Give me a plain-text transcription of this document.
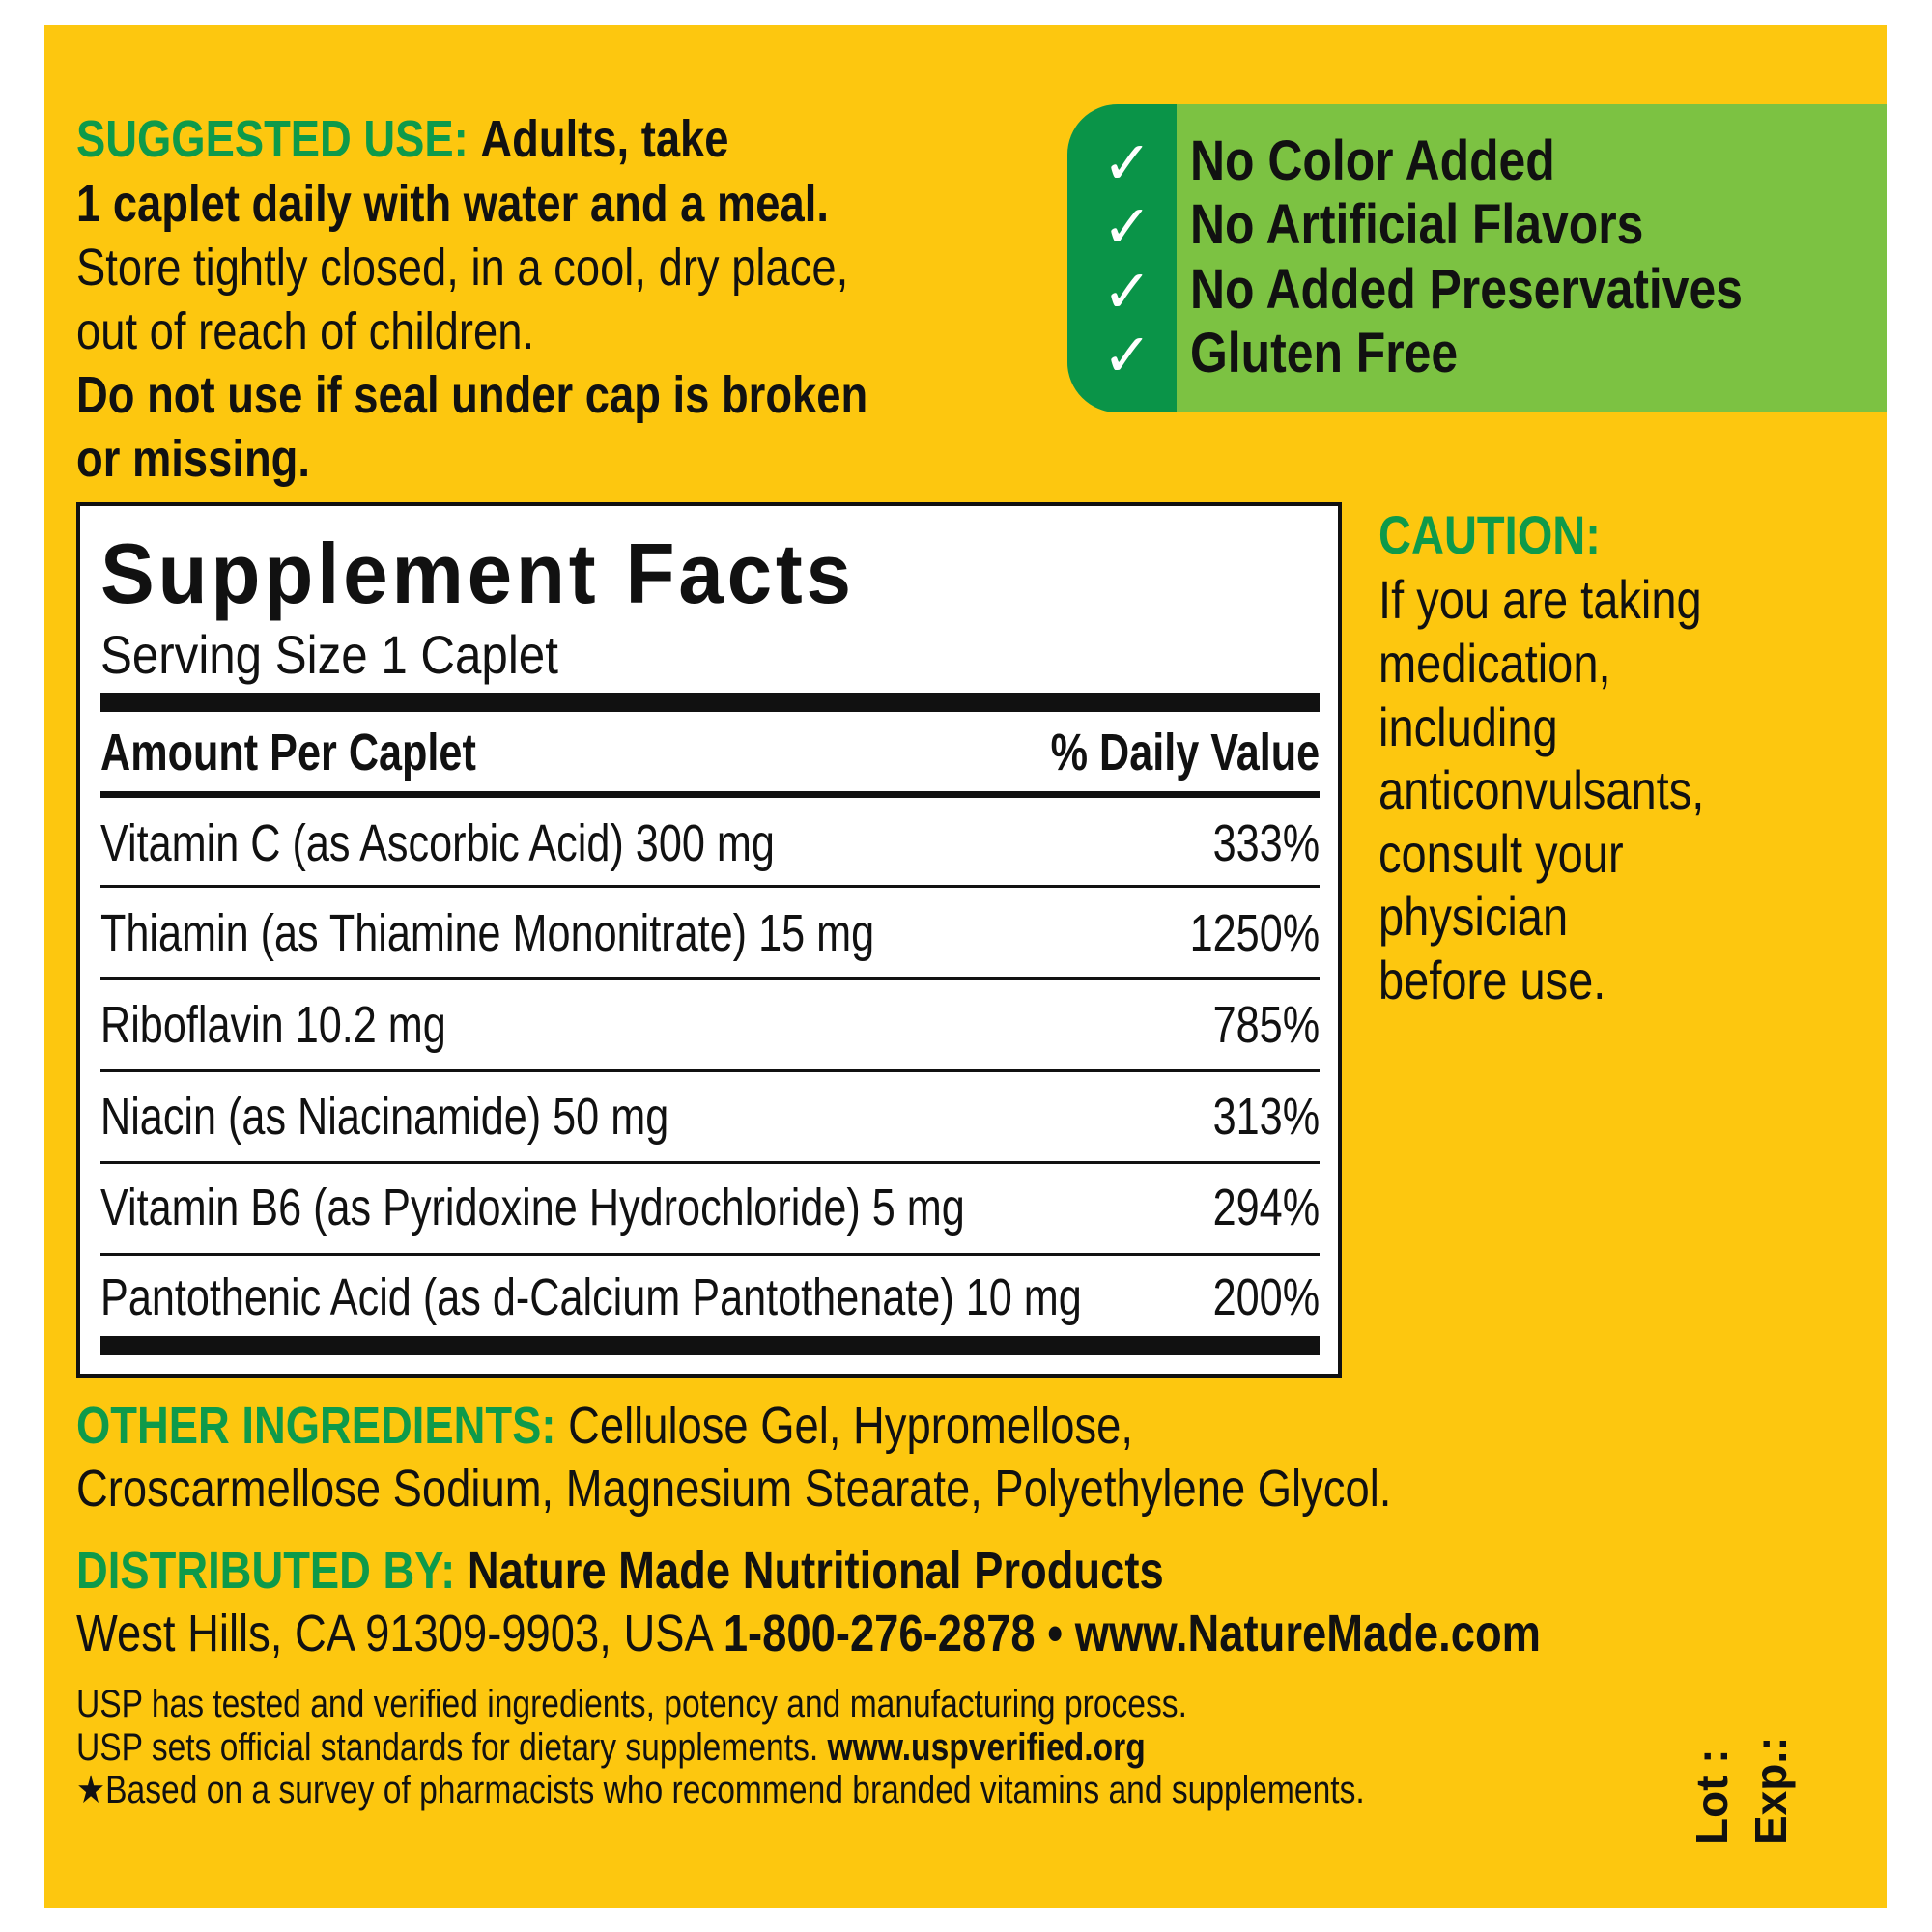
SUGGESTED USE: Adults, take
1 caplet daily with water and a meal.
Store tightly closed, in a cool, dry place,
out of reach of children.
Do not use if seal under cap is broken
or missing.
✓
✓
✓
✓
No Color Added
No Artificial Flavors
No Added Preservatives
Gluten Free
Supplement Facts
Serving Size 1 Caplet
Amount Per Caplet	% Daily Value
Vitamin C (as Ascorbic Acid) 300 mg	333%
Thiamin (as Thiamine Mononitrate) 15 mg	1250%
Riboflavin 10.2 mg	785%
Niacin (as Niacinamide) 50 mg	313%
Vitamin B6 (as Pyridoxine Hydrochloride) 5 mg	294%
Pantothenic Acid (as d-Calcium Pantothenate) 10 mg	200%
CAUTION:
If you are taking
medication,
including
anticonvulsants,
consult your
physician
before use.
OTHER INGREDIENTS: Cellulose Gel, Hypromellose,
Croscarmellose Sodium, Magnesium Stearate, Polyethylene Glycol.
DISTRIBUTED BY: Nature Made Nutritional Products
West Hills, CA 91309-9903, USA 1-800-276-2878 • www.NatureMade.com
USP has tested and verified ingredients, potency and manufacturing process.
USP sets official standards for dietary supplements. www.uspverified.org
★Based on a survey of pharmacists who recommend branded vitamins and supplements.	Lot : Exp.:
